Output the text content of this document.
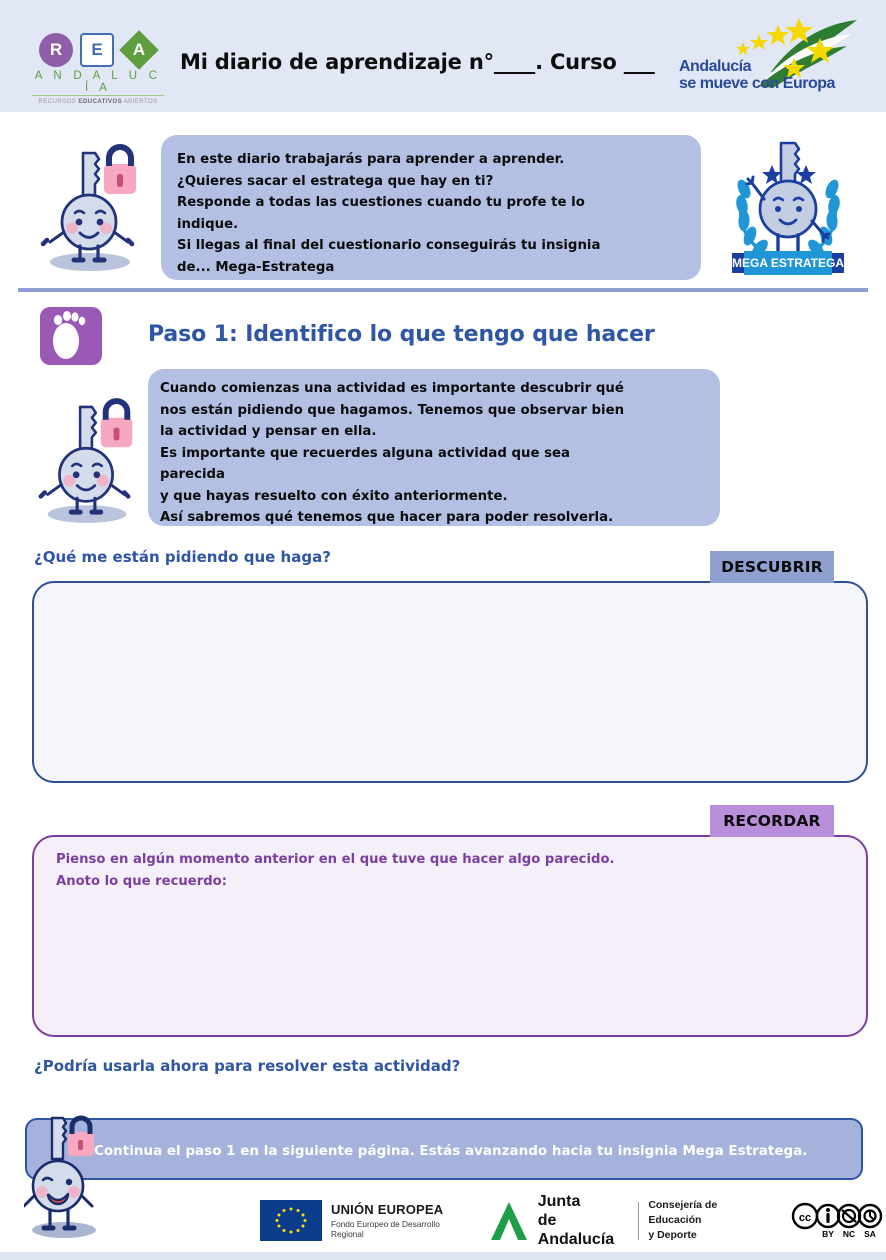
R	E	A
A N D A L U C Í A
RECURSOS EDUCATIVOS ABIERTOS
Mi diario de aprendizaje n°____. Curso ___	Andalucía
se mueve con Europa

En este diario trabajarás para aprender a aprender.

¿Quieres sacar el estratega que hay en ti?

Responde a todas las cuestiones cuando tu profe te lo

indique.

Si llegas al final del cuestionario conseguirás tu insignia

de... Mega-Estratega	MEGA ESTRATEGA
Paso 1: Identifico lo que tengo que hacer

Cuando comienzas una actividad es importante descubrir qué

nos están pidiendo que hagamos. Tenemos que observar bien

la actividad y pensar en ella.

Es importante que recuerdes alguna actividad que sea

parecida

y que hayas resuelto con éxito anteriormente.

Así sabremos qué tenemos que hacer para poder resolverla.

¿Qué me están pidiendo que haga?
DESCUBRIR
Pienso en algún momento anterior en el que tuve que hacer algo parecido.
Anoto lo que recuerdo:
RECORDAR
¿Podría usarla ahora para resolver esta actividad?
Continua el paso 1 en la siguiente página. Estás avanzando hacia tu insignia Mega Estratega.
UNIÓN EUROPEA
Fondo Europeo de Desarrollo Regional
Junta
de Andalucía
Consejería de Educación
y Deporte
cc
BY NC SA
